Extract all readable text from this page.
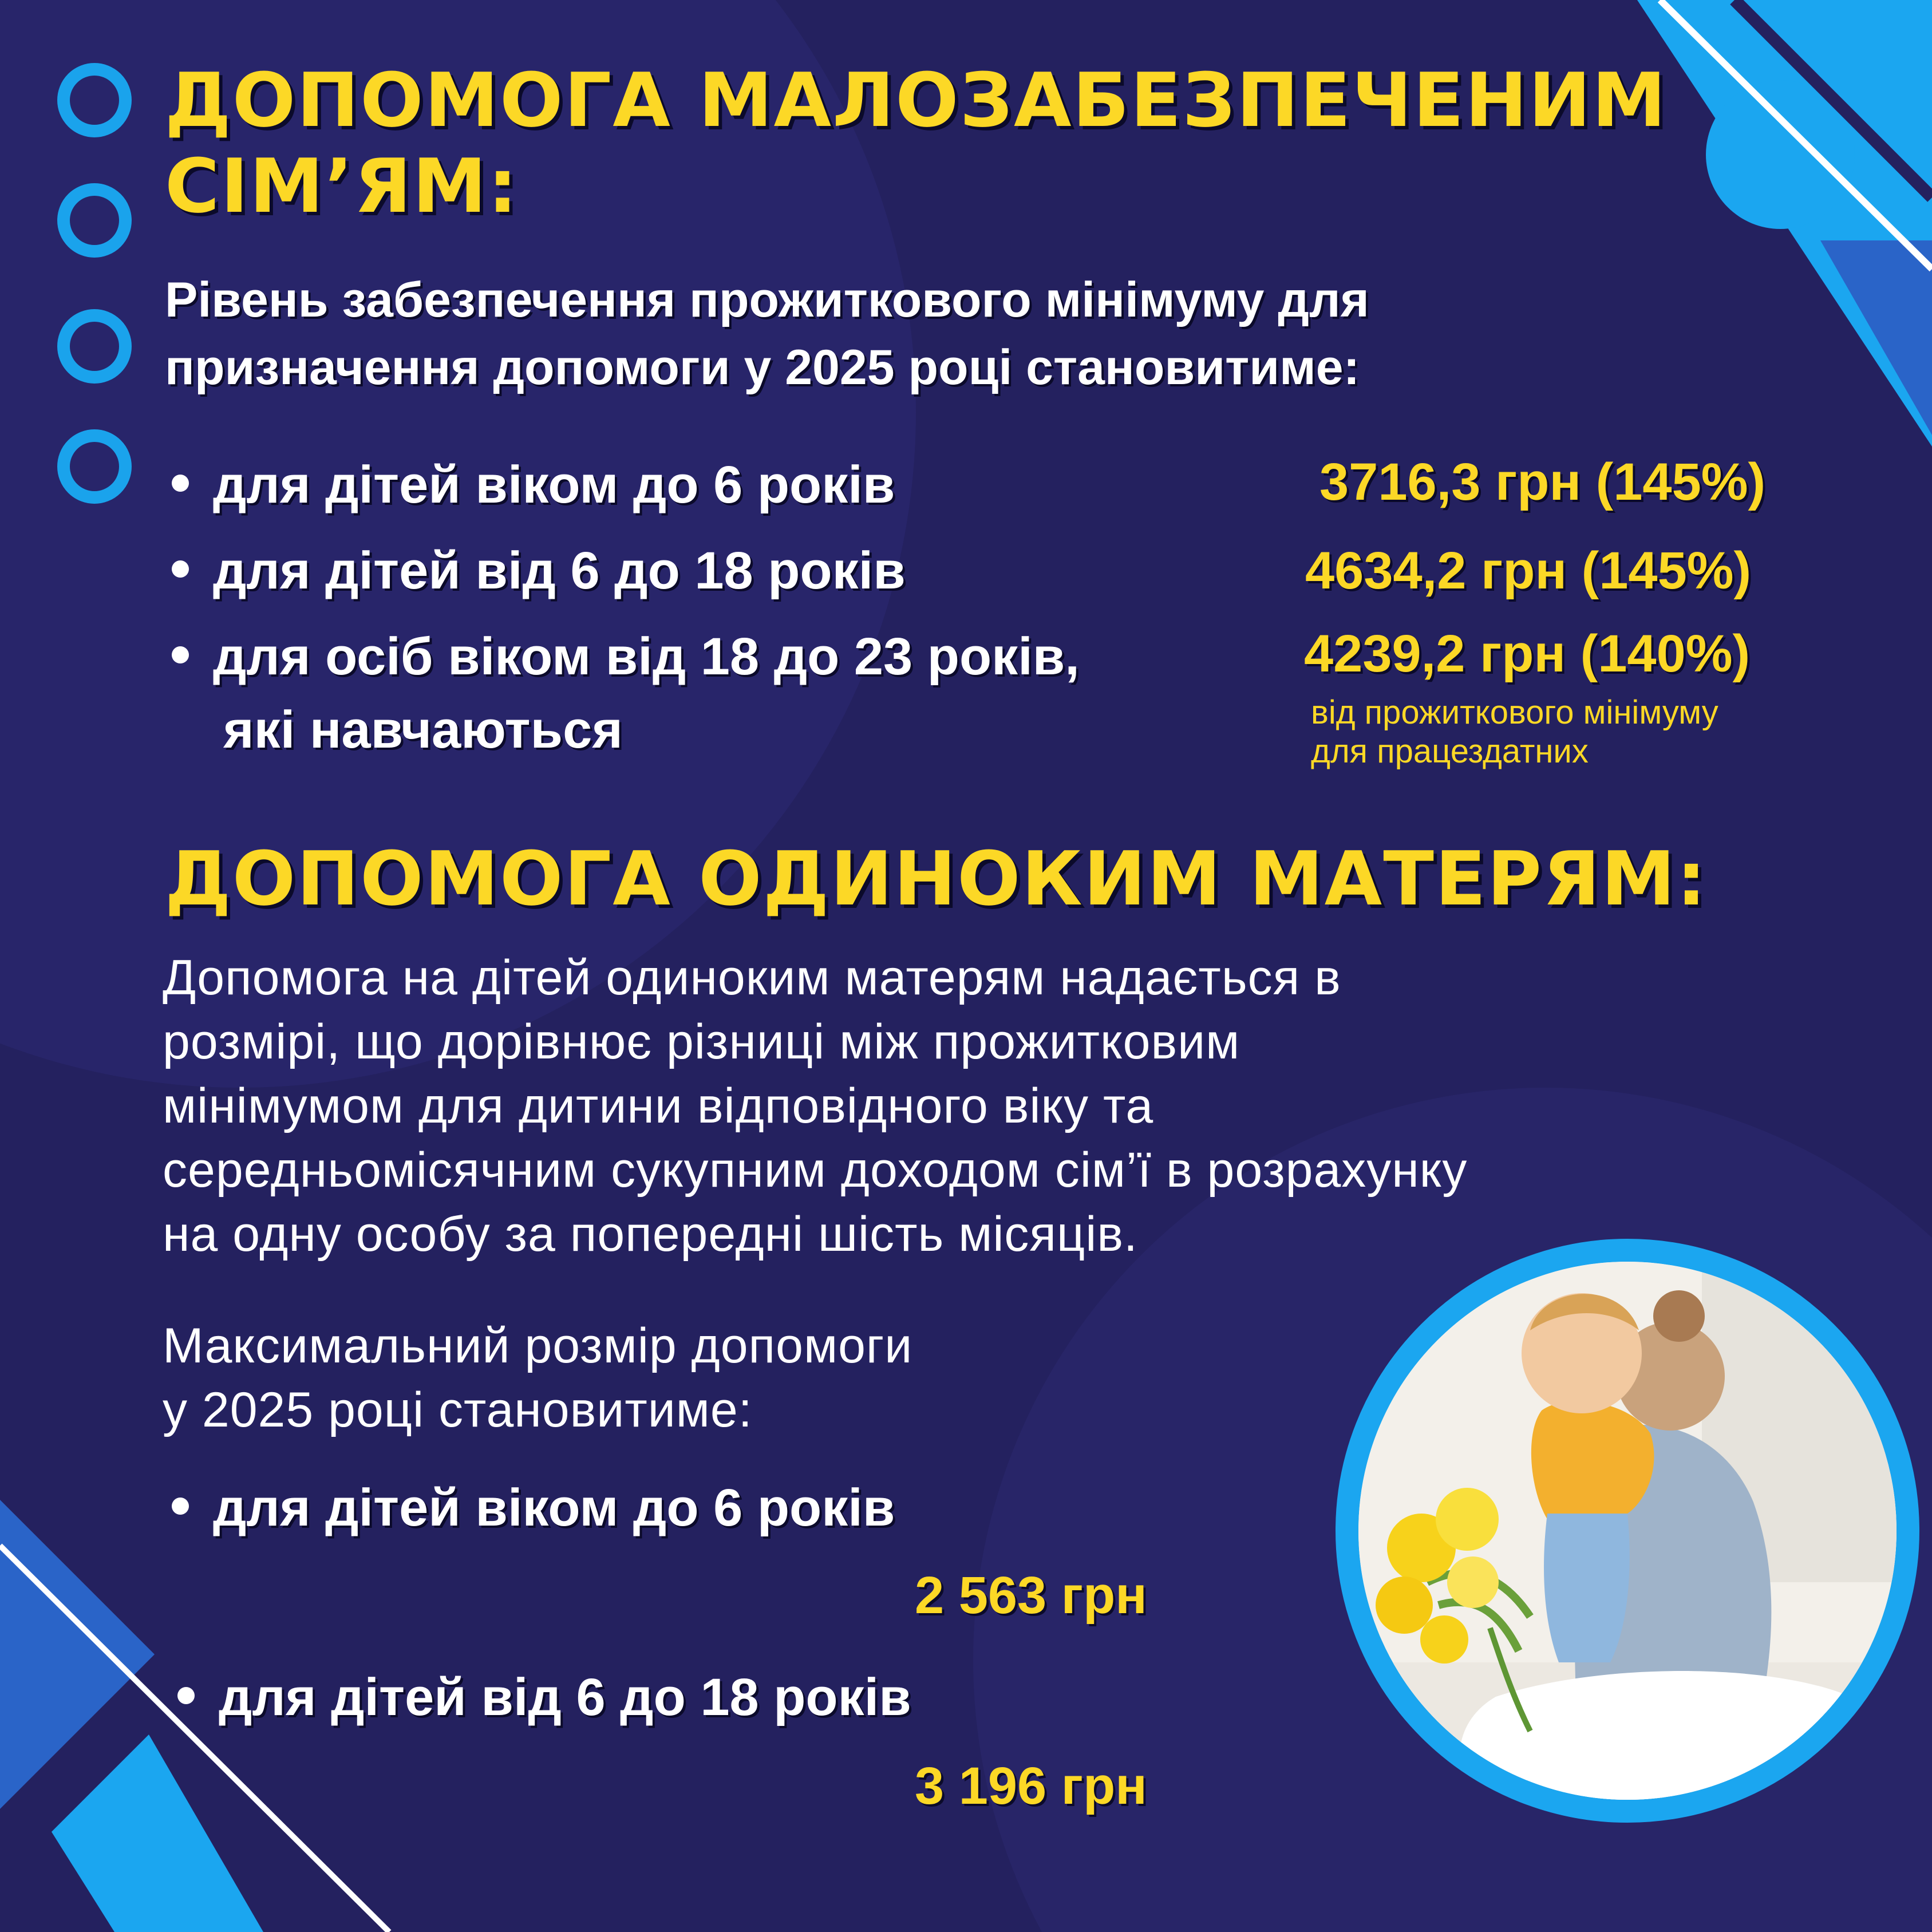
ДОПОМОГА МАЛОЗАБЕЗПЕЧЕНИМ
СІМ’ЯМ:

Рівень забезпечення прожиткового мінімуму для
призначення допомоги у 2025 році становитиме:

для дітей віком до 6 років	3716,3 грн (145%)
для дітей від 6 до 18 років	4634,2 грн (145%)
для осіб віком від 18 до 23 років,
які навчаються
4239,2 грн (140%)
від прожиткового мінімуму
для працездатних
ДОПОМОГА ОДИНОКИМ МАТЕРЯМ:

Допомога на дітей одиноким матерям надається в
розмірі, що дорівнює різниці між прожитковим
мінімумом для дитини відповідного віку та
середньомісячним сукупним доходом сім’ї в розрахунку
на одну особу за попередні шість місяців.

Максимальний розмір допомоги
у 2025 році становитиме:

для дітей віком до 6 років
2 563 грн
для дітей від 6 до 18 років
3 196 грн
